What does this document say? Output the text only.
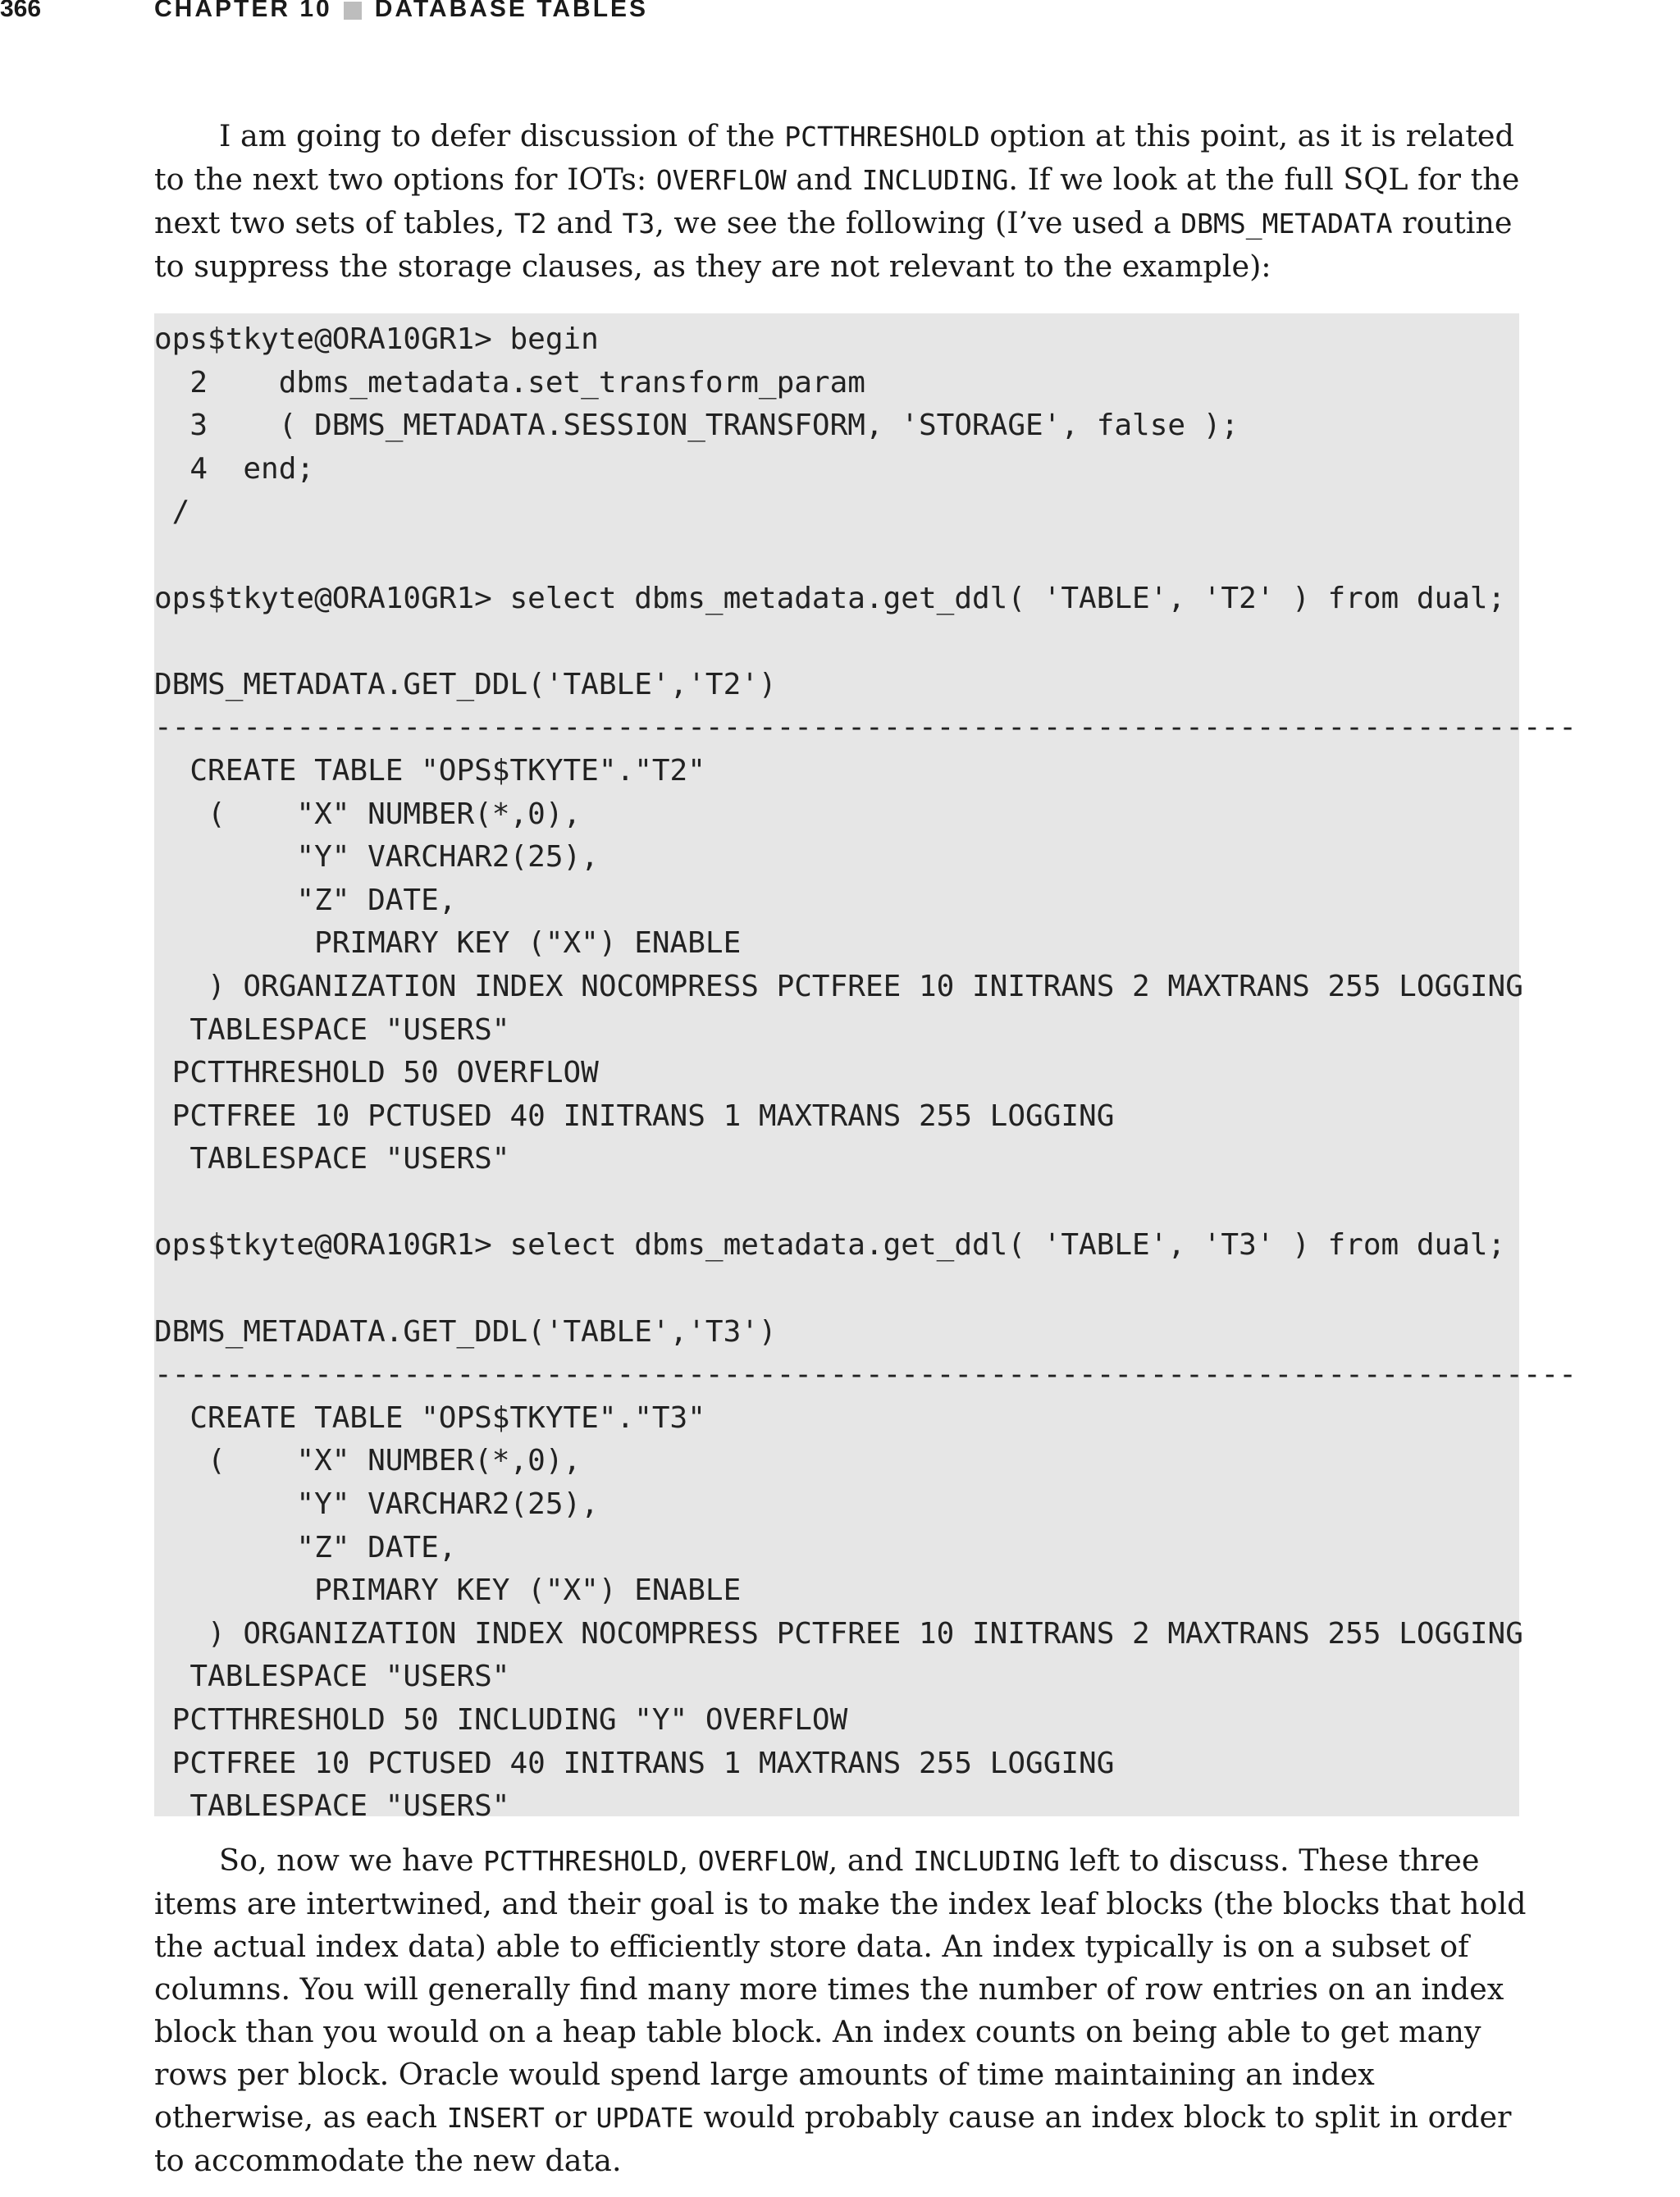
366	CHAPTER 10 DATABASE TABLES

I am going to defer discussion of the PCTTHRESHOLD option at this point, as it is related to the next two options for IOTs: OVERFLOW and INCLUDING. If we look at the full SQL for the next two sets of tables, T2 and T3, we see the following (I’ve used a DBMS_METADATA routine to suppress the storage clauses, as they are not relevant to the example):

ops$tkyte@ORA10GR1> begin
2    dbms_metadata.set_transform_param
3    ( DBMS_METADATA.SESSION_TRANSFORM, 'STORAGE', false );
4  end;
/
ops$tkyte@ORA10GR1> select dbms_metadata.get_ddl( 'TABLE', 'T2' ) from dual;
DBMS_METADATA.GET_DDL('TABLE','T2')
--------------------------------------------------------------------------------
CREATE TABLE "OPS$TKYTE"."T2"
(    "X" NUMBER(*,0),
"Y" VARCHAR2(25),
"Z" DATE,
PRIMARY KEY ("X") ENABLE
) ORGANIZATION INDEX NOCOMPRESS PCTFREE 10 INITRANS 2 MAXTRANS 255 LOGGING
TABLESPACE "USERS"
PCTTHRESHOLD 50 OVERFLOW
PCTFREE 10 PCTUSED 40 INITRANS 1 MAXTRANS 255 LOGGING
TABLESPACE "USERS"
ops$tkyte@ORA10GR1> select dbms_metadata.get_ddl( 'TABLE', 'T3' ) from dual;
DBMS_METADATA.GET_DDL('TABLE','T3')
--------------------------------------------------------------------------------
CREATE TABLE "OPS$TKYTE"."T3"
(    "X" NUMBER(*,0),
"Y" VARCHAR2(25),
"Z" DATE,
PRIMARY KEY ("X") ENABLE
) ORGANIZATION INDEX NOCOMPRESS PCTFREE 10 INITRANS 2 MAXTRANS 255 LOGGING
TABLESPACE "USERS"
PCTTHRESHOLD 50 INCLUDING "Y" OVERFLOW
PCTFREE 10 PCTUSED 40 INITRANS 1 MAXTRANS 255 LOGGING
TABLESPACE "USERS"

So, now we have PCTTHRESHOLD, OVERFLOW, and INCLUDING left to discuss. These three items are intertwined, and their goal is to make the index leaf blocks (the blocks that hold the actual index data) able to efficiently store data. An index typically is on a subset of columns. You will generally find many more times the number of row entries on an index block than you would on a heap table block. An index counts on being able to get many rows per block. Oracle would spend large amounts of time maintaining an index otherwise, as each INSERT or UPDATE would probably cause an index block to split in order to accommodate the new data.
